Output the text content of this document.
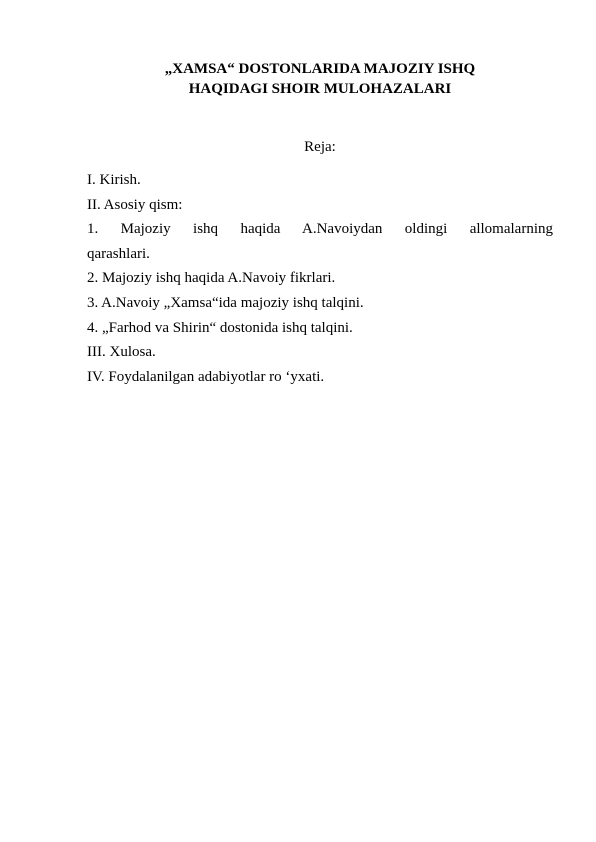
„XAMSA“ DOSTONLARIDA MAJOZIY ISHQ
HAQIDAGI SHOIR MULOHAZALARI
Reja:
I. Kirish.
II. Asosiy qism:
1. Majoziy ishq haqida A.Navoiydan oldingi allomalarning
qarashlari.
2. Majoziy ishq haqida A.Navoiy fikrlari.
3. A.Navoiy „Xamsa“ida majoziy ishq talqini.
4. „Farhod va Shirin“ dostonida ishq talqini.
III. Xulosa.
IV. Foydalanilgan adabiyotlar ro ‘yxati.
